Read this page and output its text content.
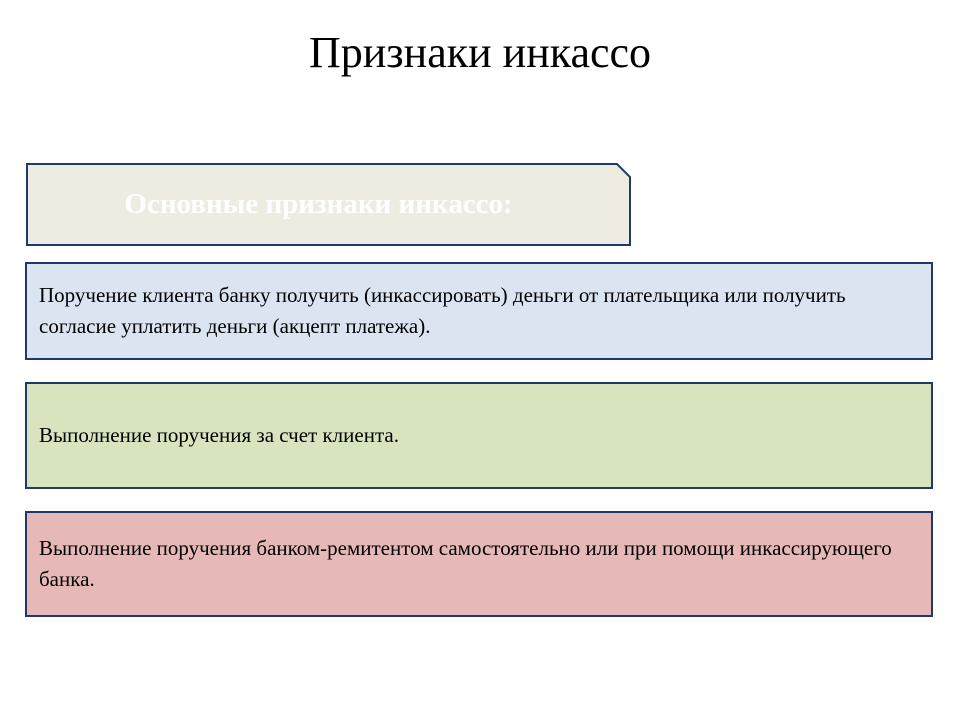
Признаки инкассо
Основные признаки инкассо:
Поручение клиента банку получить (инкассировать) деньги от плательщика или получить согласие уплатить деньги (акцепт платежа).
Выполнение поручения за счет клиента.
Выполнение поручения банком-ремитентом самостоятельно или при помощи инкассирующего банка.
